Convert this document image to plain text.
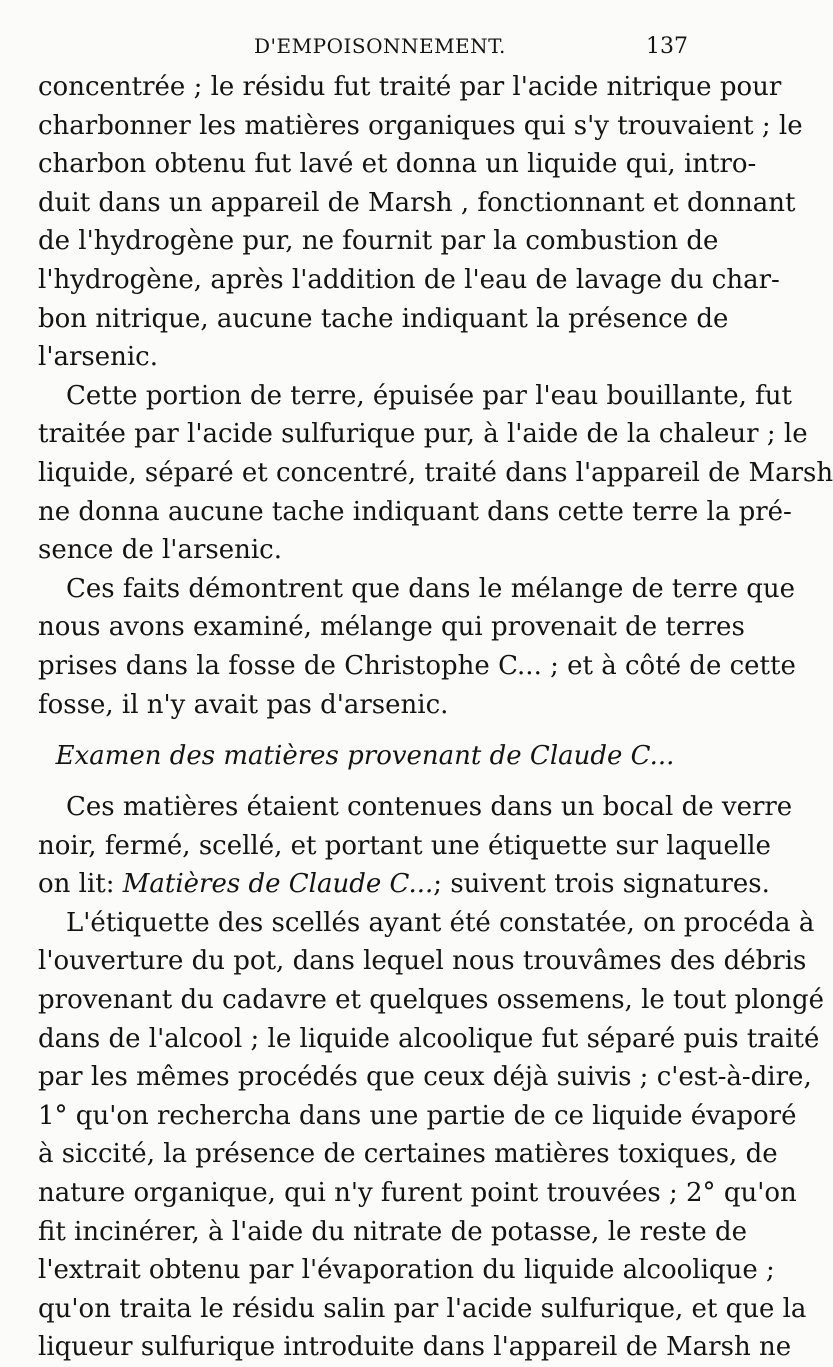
D'EMPOISONNEMENT.	137
concentrée ; le résidu fut traité par l'acide nitrique pour
charbonner les matières organiques qui s'y trouvaient ; le
charbon obtenu fut lavé et donna un liquide qui, intro-
duit dans un appareil de Marsh , fonctionnant et donnant
de l'hydrogène pur, ne fournit par la combustion de
l'hydrogène, après l'addition de l'eau de lavage du char-
bon nitrique, aucune tache indiquant la présence de
l'arsenic.
Cette portion de terre, épuisée par l'eau bouillante, fut
traitée par l'acide sulfurique pur, à l'aide de la chaleur ; le
liquide, séparé et concentré, traité dans l'appareil de Marsh
ne donna aucune tache indiquant dans cette terre la pré-
sence de l'arsenic.
Ces faits démontrent que dans le mélange de terre que
nous avons examiné, mélange qui provenait de terres
prises dans la fosse de Christophe C... ; et à côté de cette
fosse, il n'y avait pas d'arsenic.
Examen des matières provenant de Claude C...
Ces matières étaient contenues dans un bocal de verre
noir, fermé, scellé, et portant une étiquette sur laquelle
on lit: Matières de Claude C...; suivent trois signatures.
L'étiquette des scellés ayant été constatée, on procéda à
l'ouverture du pot, dans lequel nous trouvâmes des débris
provenant du cadavre et quelques ossemens, le tout plongé
dans de l'alcool ; le liquide alcoolique fut séparé puis traité
par les mêmes procédés que ceux déjà suivis ; c'est-à-dire,
1° qu'on rechercha dans une partie de ce liquide évaporé
à siccité, la présence de certaines matières toxiques, de
nature organique, qui n'y furent point trouvées ; 2° qu'on
fit incinérer, à l'aide du nitrate de potasse, le reste de
l'extrait obtenu par l'évaporation du liquide alcoolique ;
qu'on traita le résidu salin par l'acide sulfurique, et que la
liqueur sulfurique introduite dans l'appareil de Marsh ne
